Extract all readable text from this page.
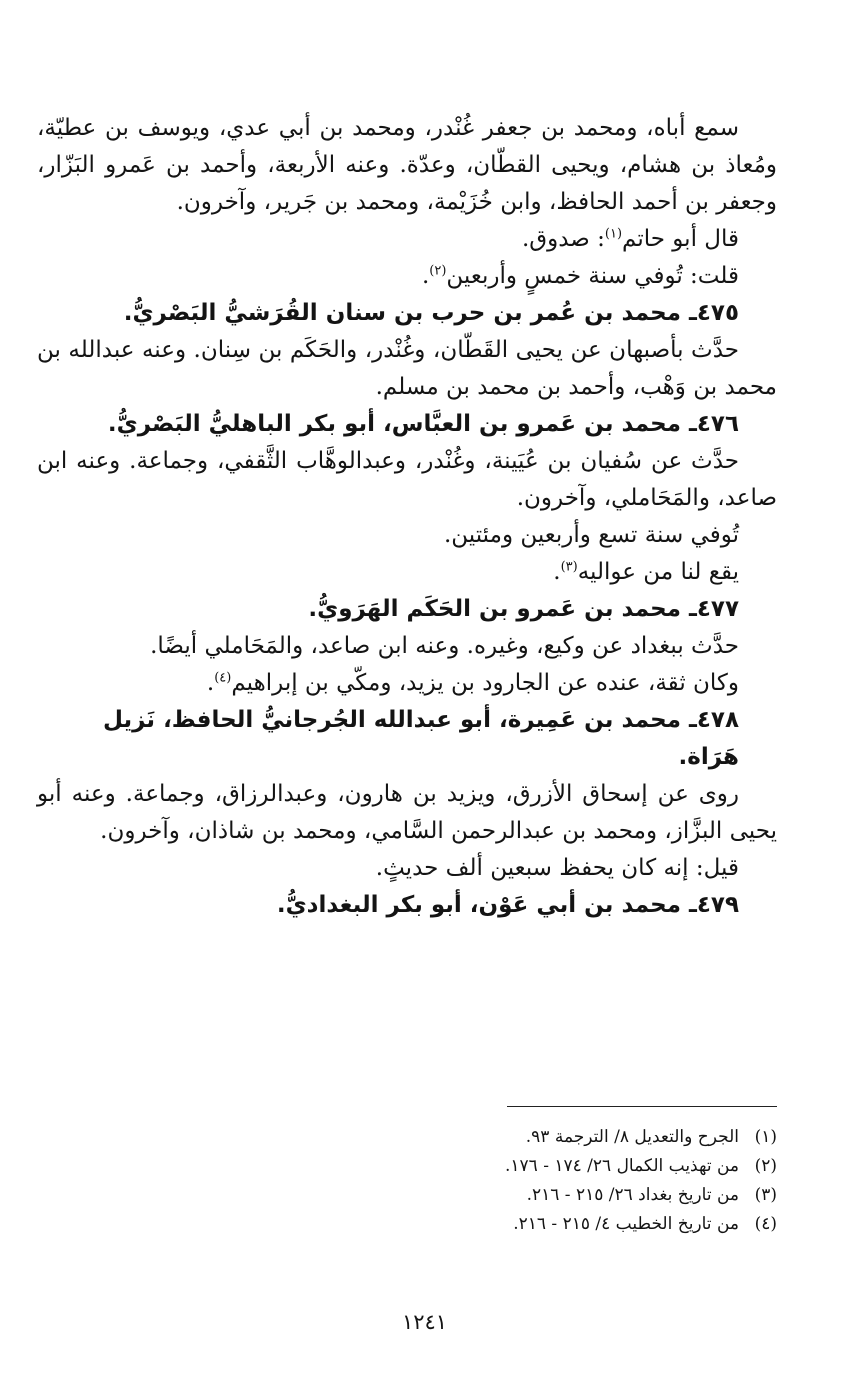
سمع أباه، ومحمد بن جعفر غُنْدر، ومحمد بن أبي عدي، ويوسف بن عطيّة، ومُعاذ بن هشام، ويحيى القطّان، وعدّة. وعنه الأربعة، وأحمد بن عَمرو البَزّار، وجعفر بن أحمد الحافظ، وابن خُزَيْمة، ومحمد بن جَرير، وآخرون.

قال أبو حاتم$^{(١)}$: صدوق.

قلت: تُوفي سنة خمسٍ وأربعين$^{(٢)}$.

٤٧٥ـ محمد بن عُمر بن حرب بن سنان القُرَشيُّ البَصْريُّ.

حدَّث بأصبهان عن يحيى القَطّان، وغُنْدر، والحَكَم بن سِنان. وعنه عبدالله بن محمد بن وَهْب، وأحمد بن محمد بن مسلم.

٤٧٦ـ محمد بن عَمرو بن العبَّاس، أبو بكر الباهليُّ البَصْريُّ.

حدَّث عن سُفيان بن عُيَينة، وغُنْدر، وعبدالوهَّاب الثَّقفي، وجماعة. وعنه ابن صاعد، والمَحَاملي، وآخرون.

تُوفي سنة تسع وأربعين ومئتين.

يقع لنا من عواليه$^{(٣)}$.

٤٧٧ـ محمد بن عَمرو بن الحَكَم الهَرَويُّ.

حدَّث ببغداد عن وكيع، وغيره. وعنه ابن صاعد، والمَحَاملي أيضًا.

وكان ثقة، عنده عن الجارود بن يزيد، ومكّي بن إبراهيم$^{(٤)}$.

٤٧٨ـ محمد بن عَمِيرة، أبو عبدالله الجُرجانيُّ الحافظ، نَزيل هَرَاة.

روى عن إسحاق الأزرق، ويزيد بن هارون، وعبدالرزاق، وجماعة. وعنه أبو يحيى البزَّاز، ومحمد بن عبدالرحمن السَّامي، ومحمد بن شاذان، وآخرون.

قيل: إنه كان يحفظ سبعين ألف حديثٍ.

٤٧٩ـ محمد بن أبي عَوْن، أبو بكر البغداديُّ.

(١)الجرح والتعديل ٨/ الترجمة ٩٣.

(٢)من تهذيب الكمال ٢٦/ ١٧٤ - ١٧٦.

(٣)من تاريخ بغداد ٢٦/ ٢١٥ - ٢١٦.

(٤)من تاريخ الخطيب ٤/ ٢١٥ - ٢١٦.

١٢٤١
